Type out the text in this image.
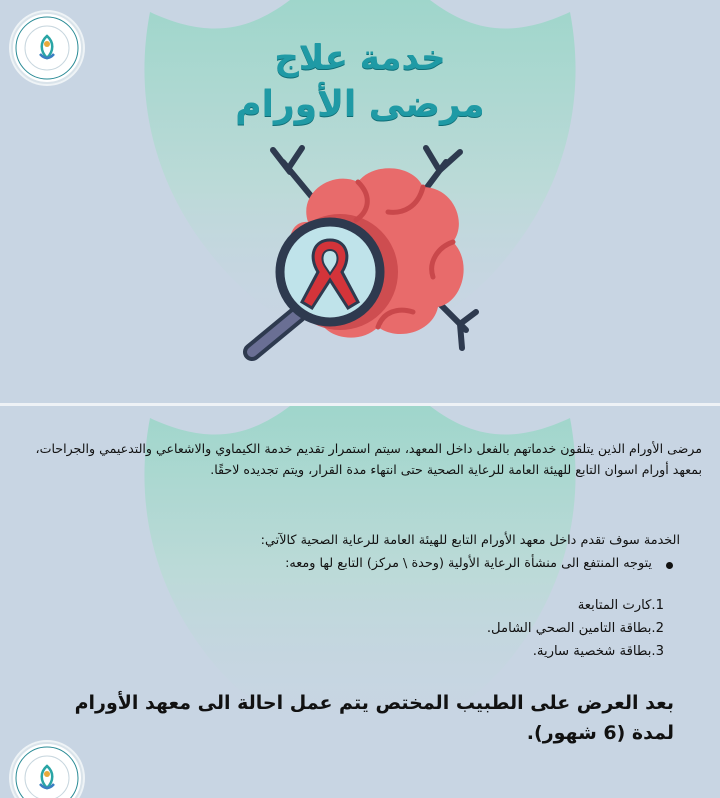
خدمة علاج
مرضى الأورام
مرضى الأورام الذين يتلقون خدماتهم بالفعل داخل المعهد، سيتم استمرار تقديم خدمة الكيماوي والاشعاعي والتدعيمي والجراحات، بمعهد أورام اسوان التابع للهيئة العامة للرعاية الصحية حتى انتهاء مدة القرار، ويتم تجديده لاحقًا.
الخدمة سوف تقدم داخل معهد الأورام التابع للهيئة العامة للرعاية الصحية كالآتي:
يتوجه المنتفع الى منشأة الرعاية الأولية (وحدة \ مركز) التابع لها ومعه:
1.كارت المتابعة
2.بطاقة التامين الصحي الشامل.
3.بطاقة شخصية سارية.
بعد العرض على الطبيب المختص يتم عمل احالة الى معهد الأورام لمدة (6 شهور).
